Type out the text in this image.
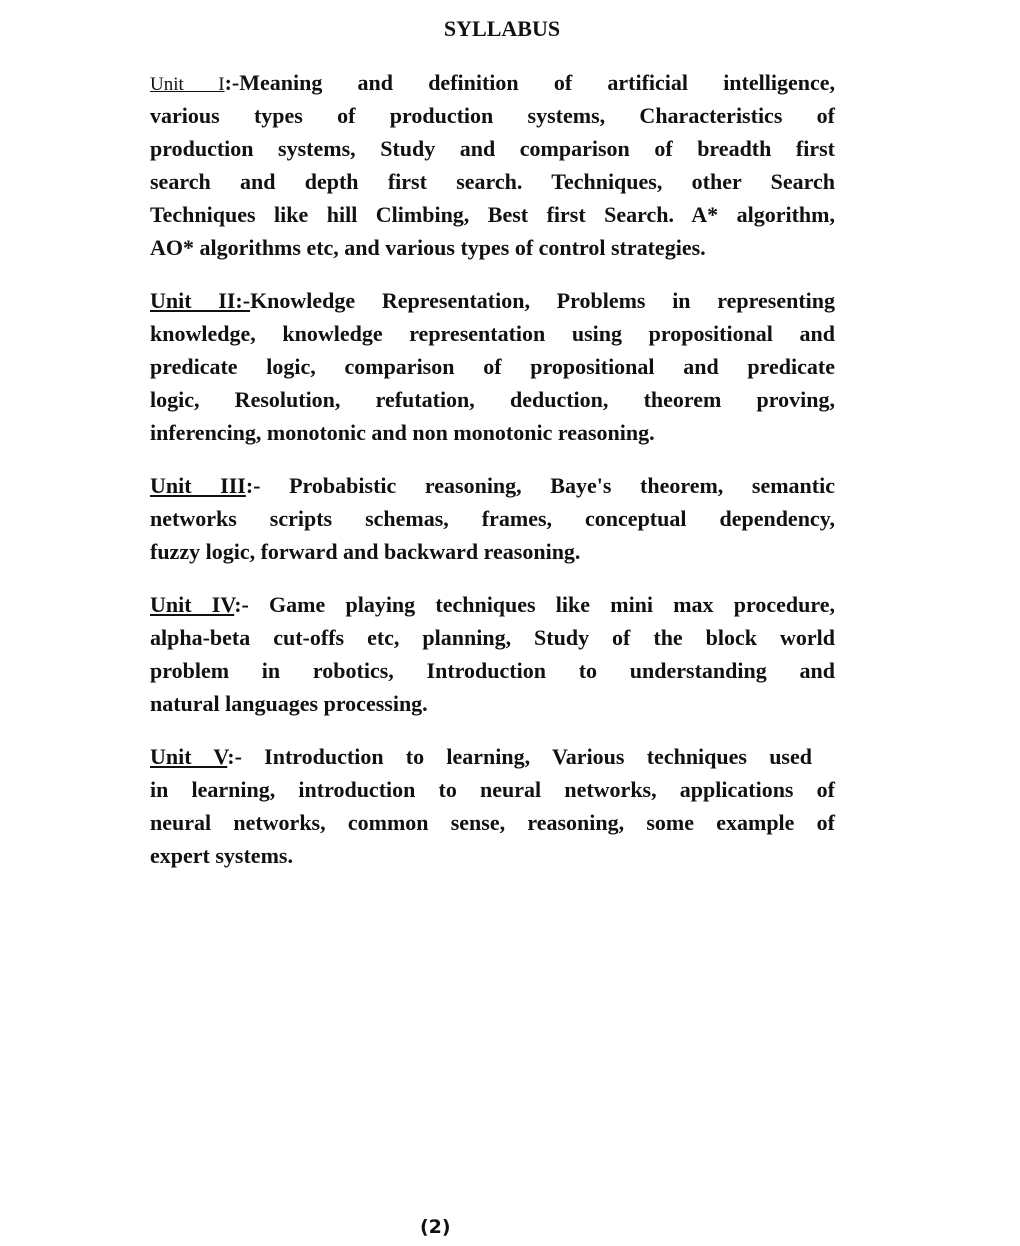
SYLLABUS
Unit I:-Meaning and definition of artificial intelligence,
various types of production systems, Characteristics of
production systems, Study and comparison of breadth first
search and depth first search. Techniques, other Search
Techniques like hill Climbing, Best first Search. A* algorithm,
AO* algorithms etc, and various types of control strategies.
Unit II:-Knowledge Representation, Problems in representing
knowledge, knowledge representation using propositional and
predicate logic, comparison of propositional and predicate
logic, Resolution, refutation, deduction, theorem proving,
inferencing, monotonic and non monotonic reasoning.
Unit III:- Probabistic reasoning, Baye's theorem, semantic
networks scripts schemas, frames, conceptual dependency,
fuzzy logic, forward and backward reasoning.
Unit IV:- Game playing techniques like mini max procedure,
alpha-beta cut-offs etc, planning, Study of the block world
problem in robotics, Introduction to understanding and
natural languages processing.
Unit V:- Introduction to learning, Various techniques used
in learning, introduction to neural networks, applications of
neural networks, common sense, reasoning, some example of
expert systems.
(2)
